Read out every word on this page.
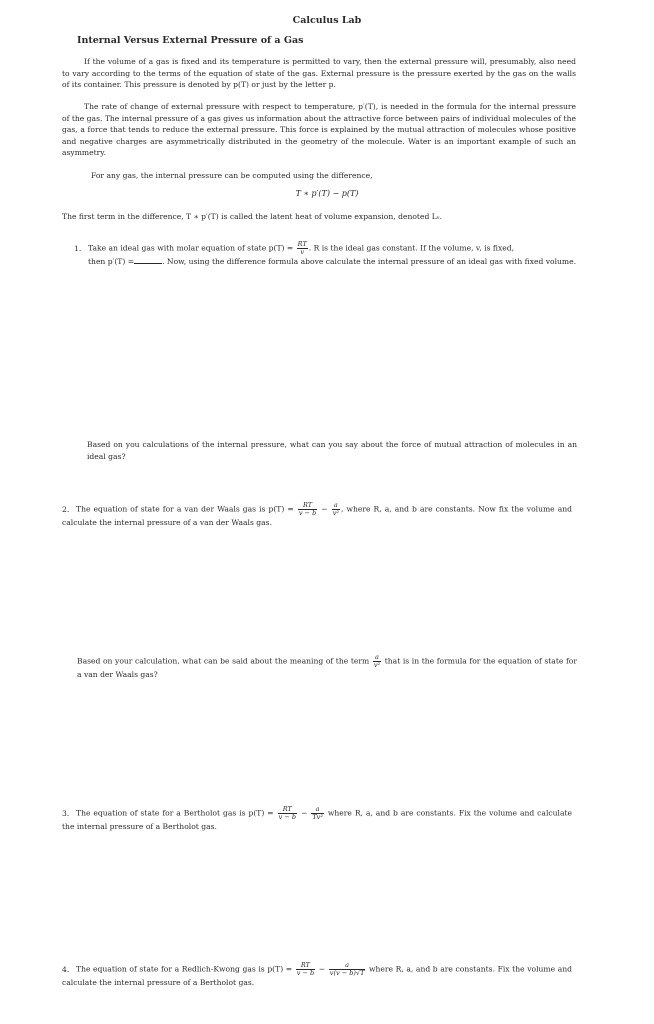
Calculus Lab
Internal Versus External Pressure of a Gas

If the volume of a gas is fixed and its temperature is permitted to vary, then the external pressure will, presumably, also need to vary according to the terms of the equation of state of the gas. External pressure is the pressure exerted by the gas on the walls of its container. This pressure is denoted by p(T) or just by the letter p.

The rate of change of external pressure with respect to temperature, p′(T), is needed in the formula for the internal pressure of the gas. The internal pressure of a gas gives us information about the attractive force between pairs of individual molecules of the gas, a force that tends to reduce the external pressure. This force is explained by the mutual attraction of molecules whose positive and negative charges are asymmetrically distributed in the geometry of the molecule. Water is an important example of such an asymmetry.

For any gas, the internal pressure can be computed using the difference,

T ∗ p′(T) − p(T)

The first term in the difference, T ∗ p′(T) is called the latent heat of volume expansion, denoted Lᵥ.

1. Take an ideal gas with molar equation of state $p(T) = \frac{RT}{v}$ . R is the ideal gas constant. If the volume, v, is fixed,
then p′(T) =	. Now, using the difference formula above calculate the internal pressure of an ideal gas with fixed volume.

Based on you calculations of the internal pressure, what can you say about the force of mutual attraction of molecules in an ideal gas?

2. The equation of state for a van der Waals gas is $p(T) = \frac{RT}{v - b} - \frac{a}{\text{v²}}$ , where R, a, and b are constants. Now fix the volume and calculate the internal pressure of a van der Waals gas.
Based on your calculation, what can be said about the meaning of the term $\frac{a}{\text{v²}}$ that is in the formula for the equation of state for a van der Waals gas?
3. The equation of state for a Bertholot gas is $p(T) = \frac{RT}{v - b} - \frac{a}{\text{Tv²}}$ where R, a, and b are constants. Fix the volume and calculate the internal pressure of a Bertholot gas.
4. The equation of state for a Redlich-Kwong gas is $p(T) = \frac{RT}{v - b} - \frac{a}{v(v - b)√T}$ where R, a, and b are constants. Fix the volume and calculate the internal pressure of a Bertholot gas.
